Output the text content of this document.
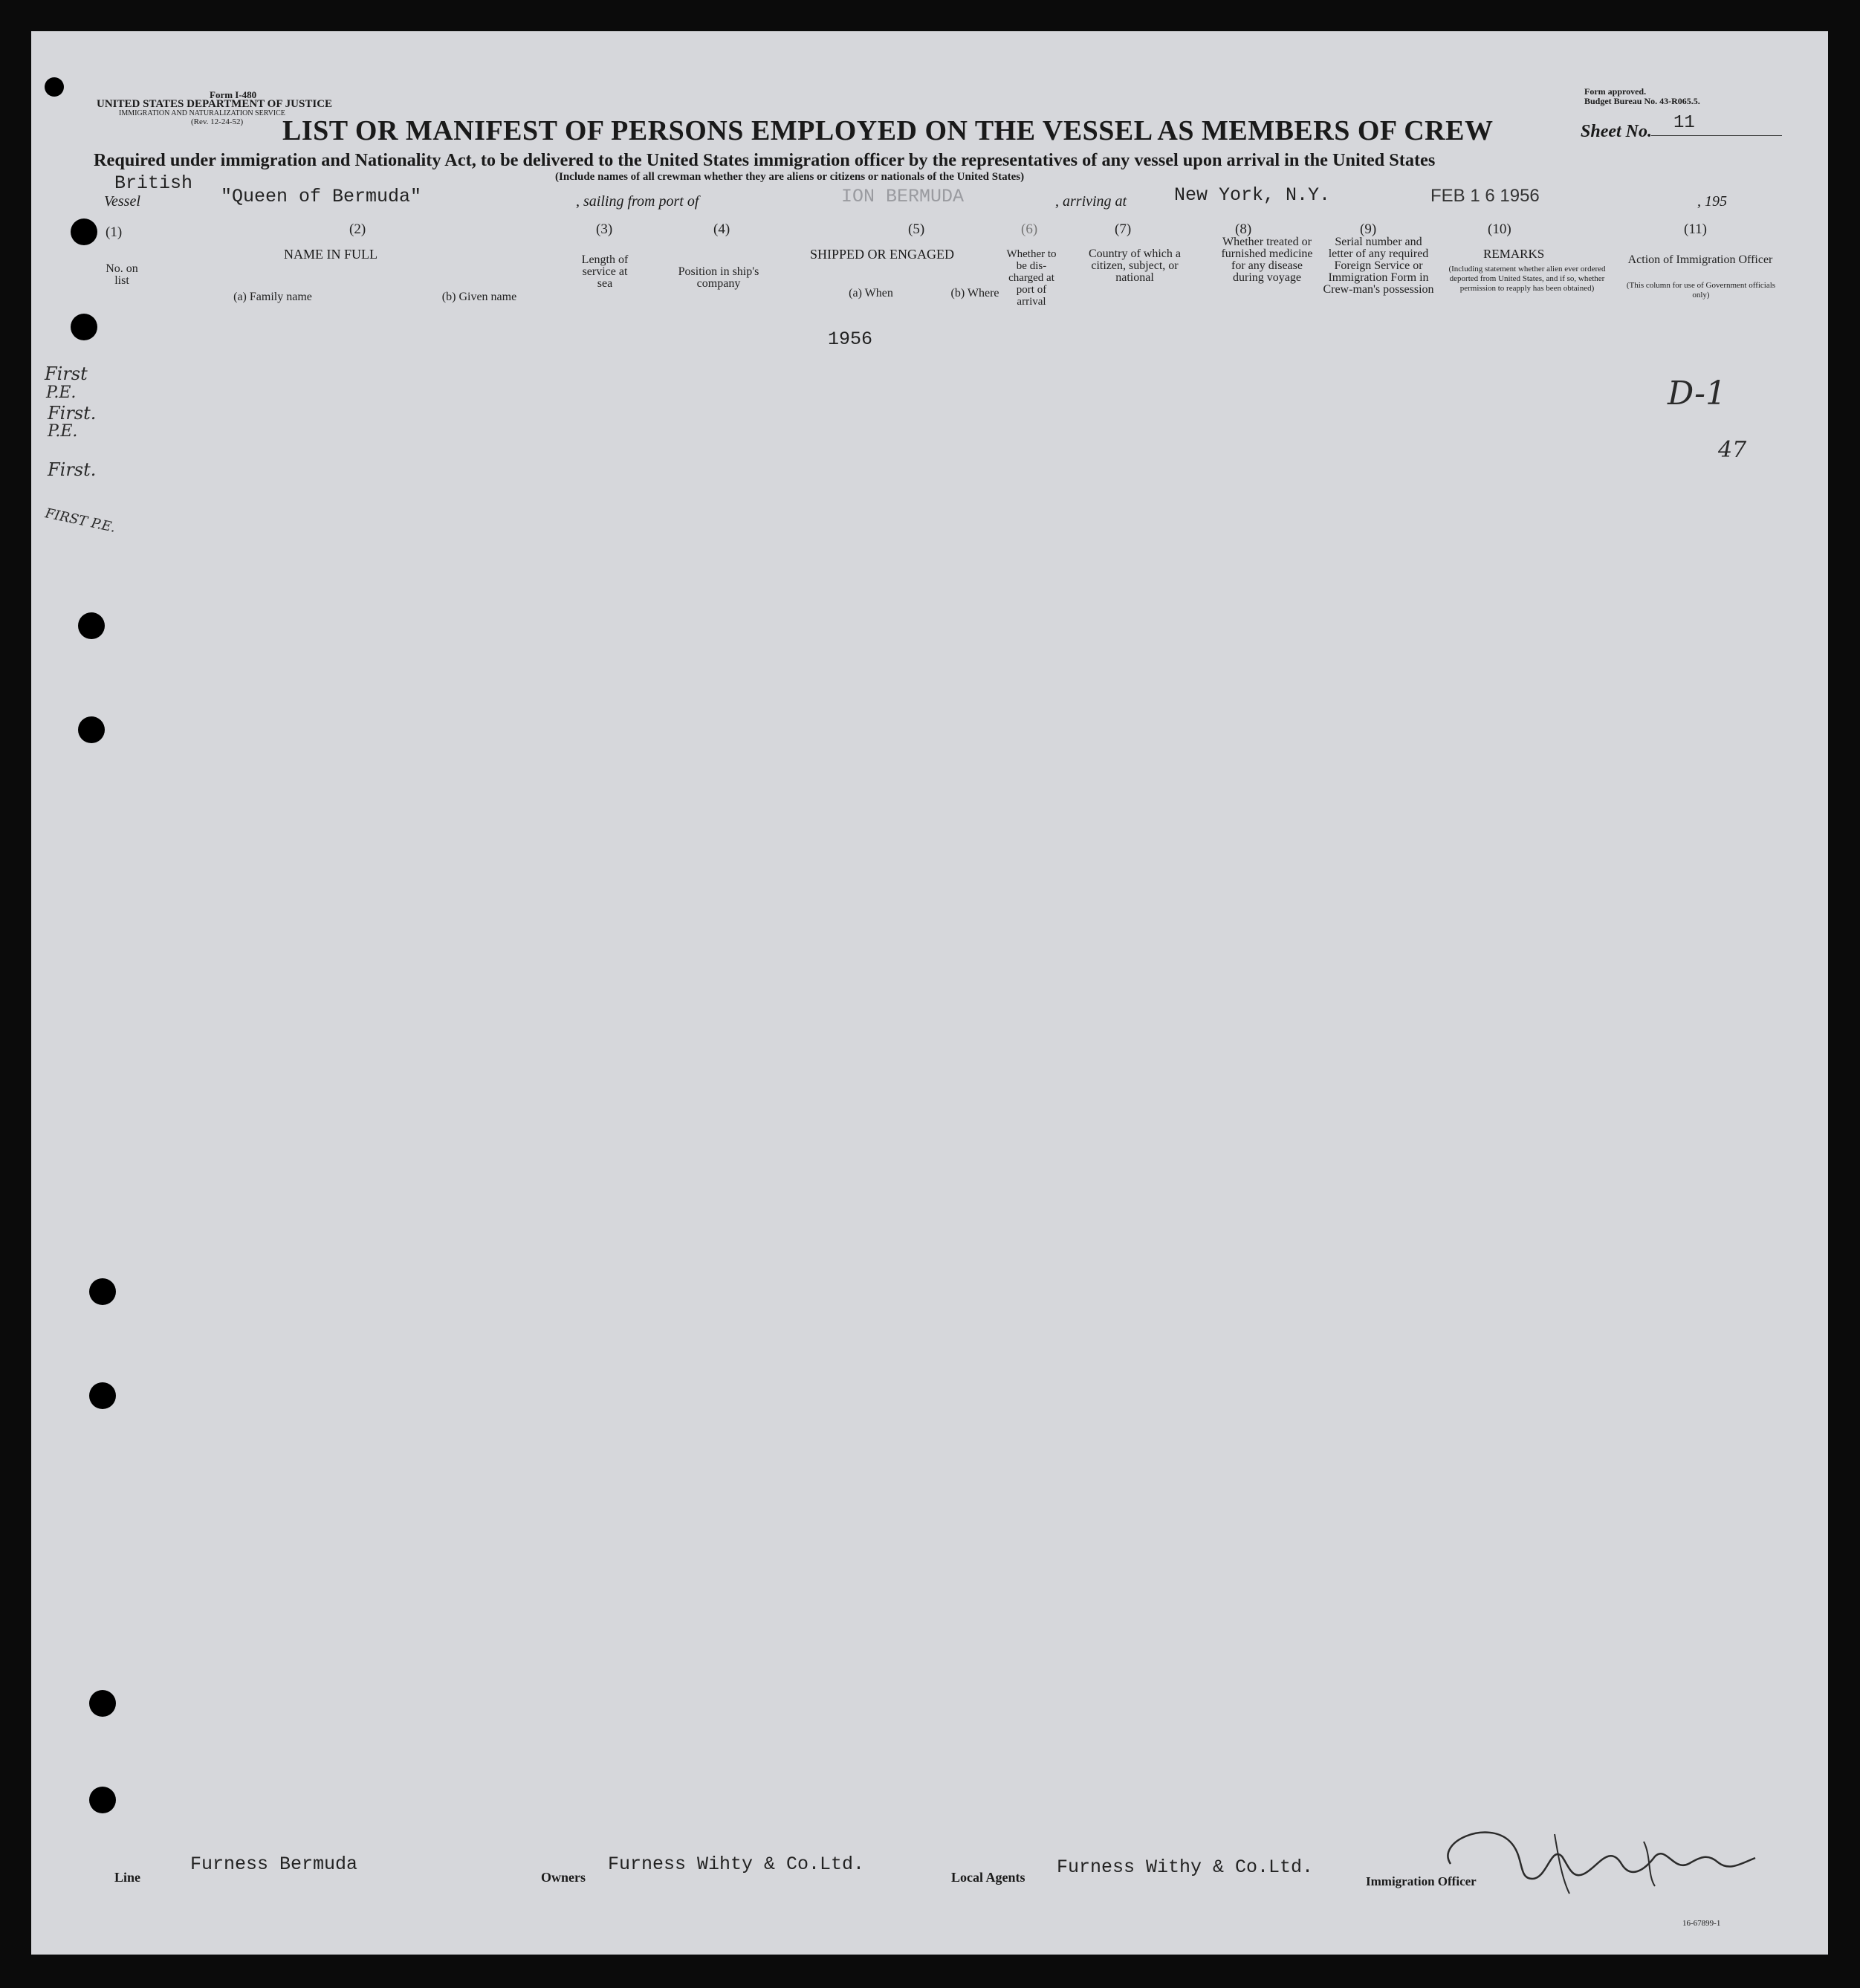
Form I-480
UNITED STATES DEPARTMENT OF JUSTICE
IMMIGRATION AND NATURALIZATION SERVICE
(Rev. 12-24-52)
Form approved.
Budget Bureau No. 43-R065.5.
LIST OR MANIFEST OF PERSONS EMPLOYED ON THE VESSEL AS MEMBERS OF CREW	Sheet No. 11
Required under immigration and Nationality Act, to be delivered to the United States immigration officer by the representatives of any vessel upon arrival in the United States
(Include names of all crewman whether they are aliens or citizens or nationals of the United States)
British
Vessel	"Queen of Bermuda"	, sailing from port of	ION BERMUDA	, arriving at	New York, N.Y.	FEB 1 6 1956	, 195
(1)
No. on list
(2)
NAME IN FULL
(a) Family name	(b) Given name
(3)
Length of service at sea
(4)
Position in ship's company
(5)
SHIPPED OR ENGAGED
(a) When	(b) Where
(6)
Whether to be dis-charged at port of arrival
(7)
Country of which a citizen, subject, or national
(8)
Whether treated or furnished medicine for any disease during voyage
(9)
Serial number and letter of any required Foreign Service or Immigration Form in Crew-man's possession
(10)
REMARKS
(Including statement whether alien ever ordered deported from United States, and if so, whether permission to reapply has been obtained)
(11)
Action of Immigration Officer
(This column for use of Government officials only)
1956
First
P.E.
First.
P.E.
First.
FIRST P.E.
D-1
47
Line
Furness Bermuda
Owners
Furness Wihty & Co.Ltd.
Local Agents Furness Withy & Co.Ltd.
Immigration Officer
16-67899-1
